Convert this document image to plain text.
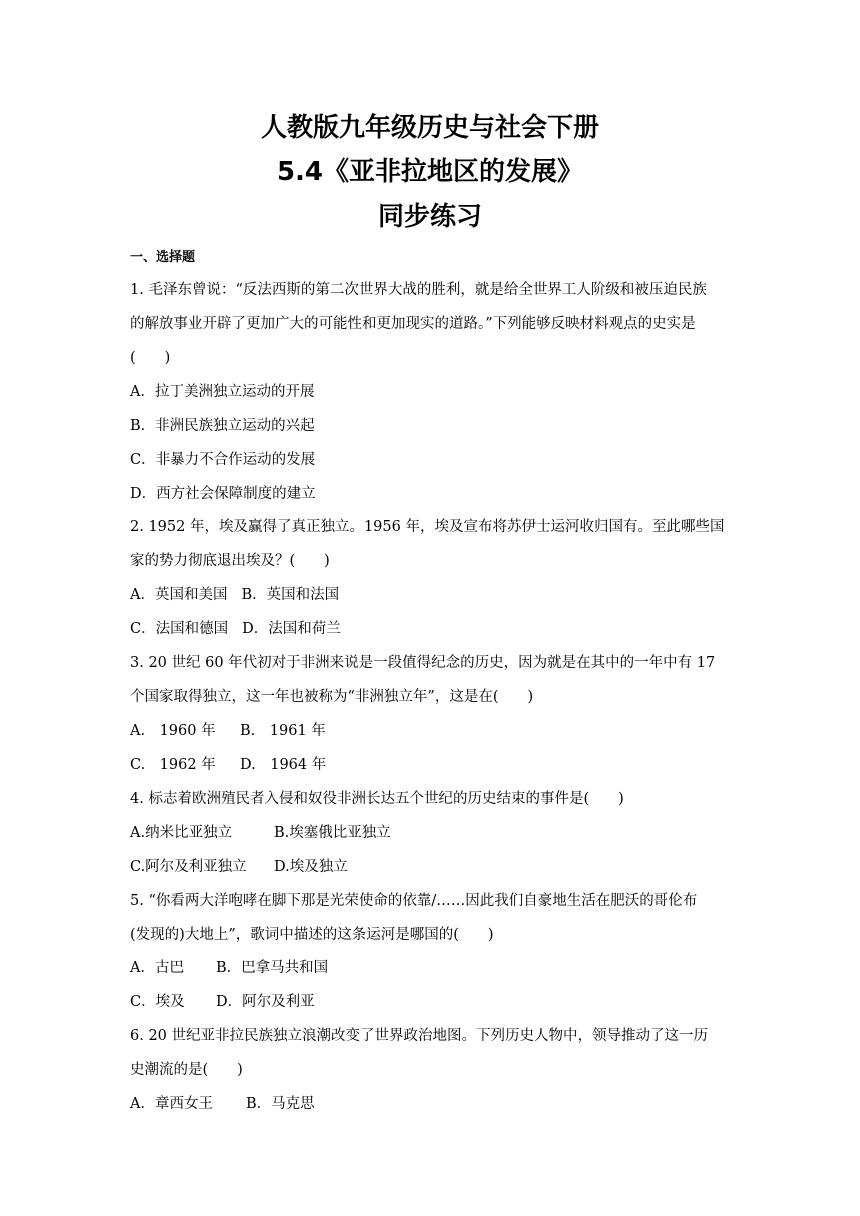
人教版九年级历史与社会下册
5.4《亚非拉地区的发展》
同步练习
一、选择题
1. 毛泽东曾说：“反法西斯的第二次世界大战的胜利，就是给全世界工人阶级和被压迫民族
的解放事业开辟了更加广大的可能性和更加现实的道路。”下列能够反映材料观点的史实是
(　　)
A．拉丁美洲独立运动的开展
B．非洲民族独立运动的兴起
C．非暴力不合作运动的发展
D．西方社会保障制度的建立
2. 1952 年，埃及赢得了真正独立。1956 年，埃及宣布将苏伊士运河收归国有。至此哪些国
家的势力彻底退出埃及？(　　)
A．英国和美国 B．英国和法国
C．法国和德国 D．法国和荷兰
3. 20 世纪 60 年代初对于非洲来说是一段值得纪念的历史，因为就是在其中的一年中有 17
个国家取得独立，这一年也被称为“非洲独立年”，这是在(　　)
A.　1960 年 B.　1961 年
C.　1962 年 D.　1964 年
4. 标志着欧洲殖民者入侵和奴役非洲长达五个世纪的历史结束的事件是(　　)
A.纳米比亚独立	B.埃塞俄比亚独立
C.阿尔及利亚独立 D.埃及独立
5. “你看两大洋咆哮在脚下那是光荣使命的依靠/……因此我们自豪地生活在肥沃的哥伦布
(发现的)大地上”，歌词中描述的这条运河是哪国的(　　)
A．古巴 B．巴拿马共和国
C．埃及 D．阿尔及利亚
6. 20 世纪亚非拉民族独立浪潮改变了世界政治地图。下列历史人物中，领导推动了这一历
史潮流的是(　　)
A．章西女王 B．马克思
